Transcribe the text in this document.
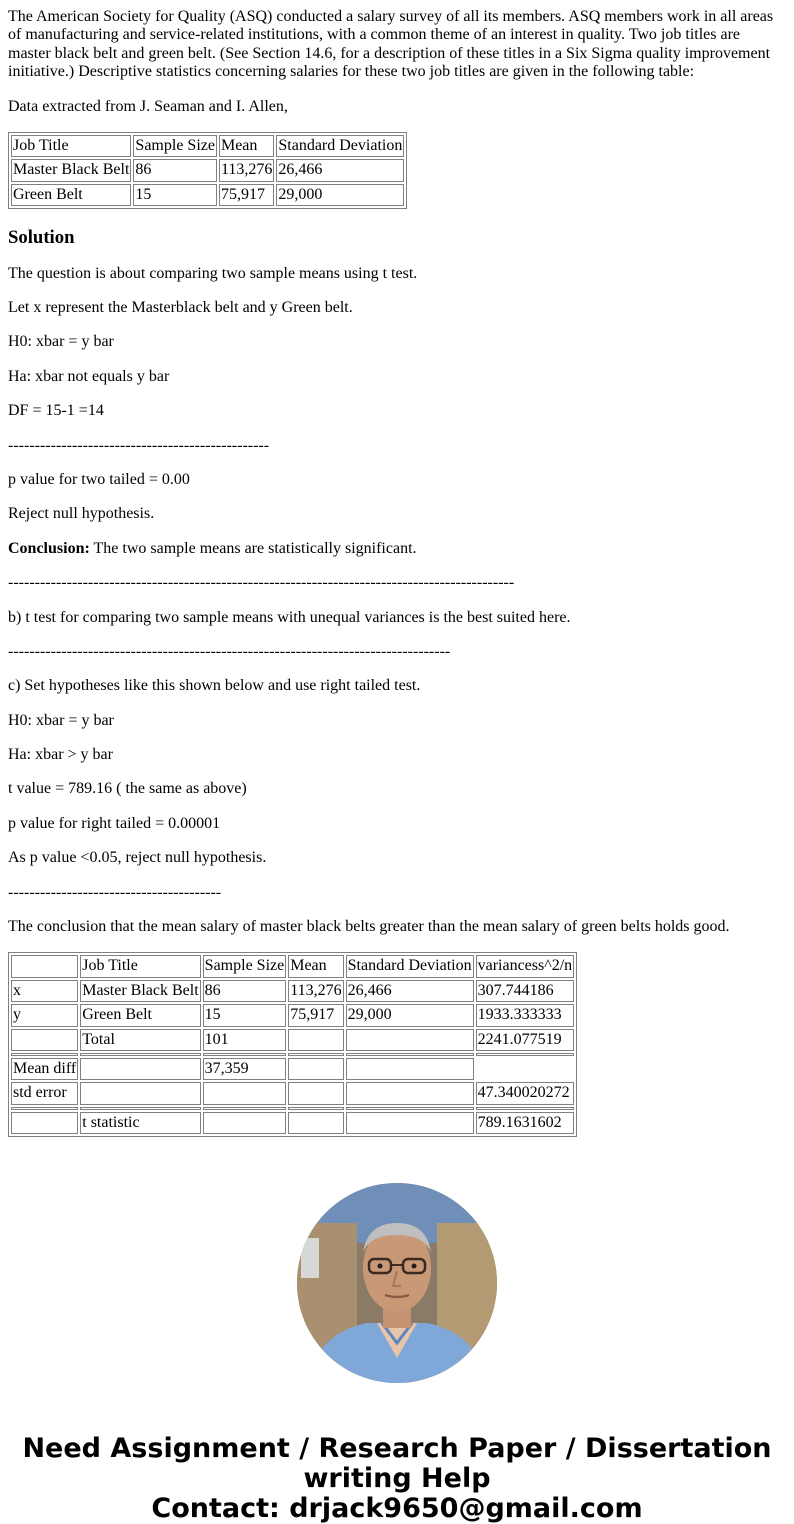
The American Society for Quality (ASQ) conducted a salary survey of all its members. ASQ members work in all areas of manufacturing and service-related institutions, with a common theme of an interest in quality. Two job titles are master black belt and green belt. (See Section 14.6, for a description of these titles in a Six Sigma quality improvement initiative.) Descriptive statistics concerning salaries for these two job titles are given in the following table:

Data extracted from J. Seaman and I. Allen,

Job Title	Sample Size	Mean	Standard Deviation
Master Black Belt	86	113,276	26,466
Green Belt	15	75,917	29,000
Solution

The question is about comparing two sample means using t test.

Let x represent the Masterblack belt and y Green belt.

H0: xbar = y bar

Ha: xbar not equals y bar

DF = 15-1 =14

-------------------------------------------------

p value for two tailed = 0.00

Reject null hypothesis.

Conclusion: The two sample means are statistically significant.

-----------------------------------------------------------------------------------------------

b) t test for comparing two sample means with unequal variances is the best suited here.

-----------------------------------------------------------------------------------

c) Set hypotheses like this shown below and use right tailed test.

H0: xbar = y bar

Ha: xbar > y bar

t value = 789.16 ( the same as above)

p value for right tailed = 0.00001

As p value <0.05, reject null hypothesis.

----------------------------------------

The conclusion that the mean salary of master black belts greater than the mean salary of green belts holds good.

	Job Title	Sample Size	Mean	Standard Deviation	variancess^2/n
x	Master Black Belt	86	113,276	26,466	307.744186
y	Green Belt	15	75,917	29,000	1933.333333
	Total	101			2241.077519

Mean diff		37,359			
std error					47.340020272

	t statistic				789.1631602
Need Assignment / Research Paper / Dissertation
writing Help
Contact: drjack9650@gmail.com
